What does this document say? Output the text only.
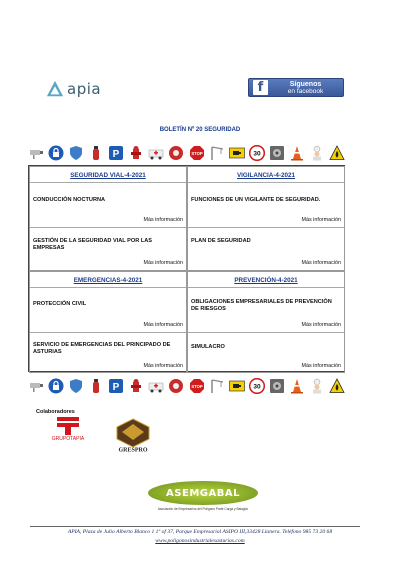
apia	f	Síguenos
en facebook
BOLETÍN Nº 20 SEGURIDAD
P	STOP	30
SEGURIDAD VIAL-4-2021
CONDUCCIÓN NOCTURNA
Más información
GESTIÓN DE LA SEGURIDAD VIAL POR LAS EMPRESAS
Más información
VIGILANCIA-4-2021
FUNCIONES DE UN VIGILANTE DE SEGURIDAD.
Más información
PLAN DE SEGURIDAD
Más información
EMERGENCIAS-4-2021
PROTECCIÓN CIVIL
Más información
SERVICIO DE EMERGENCIAS DEL PRINCIPADO DE ASTURIAS
Más información
PREVENCIÓN-4-2021
OBLIGACIONES EMPRESARIALES DE PREVENCIÓN DE RIESGOS
Más información
SIMULACRO
Más información
P	STOP	30
Colaboradores
GRUPOTAPIA
GRESPRO
ASEMGABAL
Asociación de Empresarios del Polígono Parte Carga y Balagón
APIA, Plaza de Julio Alberto Blanco 1 1º of 37, Parque Empresarial ASIPO III,33428 Llanera. Teléfono 985 73 20 68
www.poligonosindustrialesasturias.com
